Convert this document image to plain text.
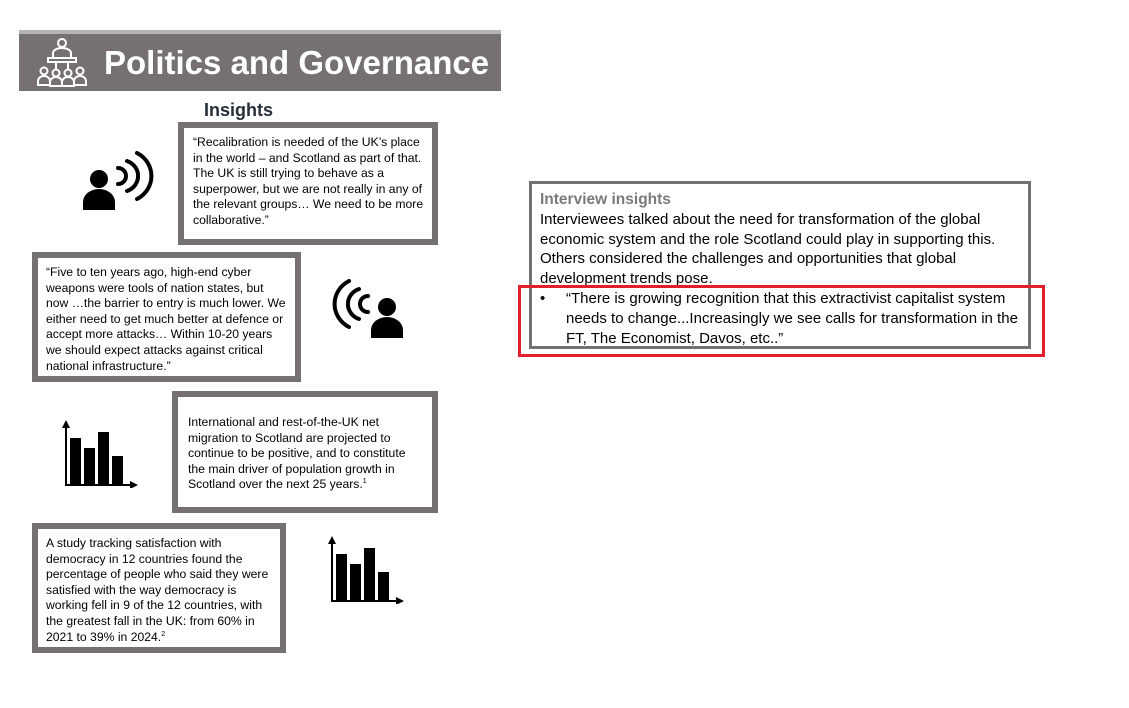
Politics and Governance
Insights
“Recalibration is needed of the UK’s place in the world – and Scotland as part of that. The UK is still trying to behave as a superpower, but we are not really in any of the relevant groups… We need to be more collaborative.”
“Five to ten years ago, high-end cyber weapons were tools of nation states, but now …the barrier to entry is much lower. We either need to get much better at defence or accept more attacks… Within 10-20 years we should expect attacks against critical national infrastructure.”
International and rest-of-the-UK net migration to Scotland are projected to continue to be positive, and to constitute the main driver of population growth in Scotland over the next 25 years.$^1$
A study tracking satisfaction with democracy in 12 countries found the percentage of people who said they were satisfied with the way democracy is working fell in 9 of the 12 countries, with the greatest fall in the UK: from 60% in 2021 to 39% in 2024.$^2$
Interview insights
Interviewees talked about the need for transformation of the global economic system and the role Scotland could play in supporting this. Others considered the challenges and opportunities that global development trends pose.
• “There is growing recognition that this extractivist capitalist system needs to change...Increasingly we see calls for transformation in the FT, The Economist, Davos, etc..”
